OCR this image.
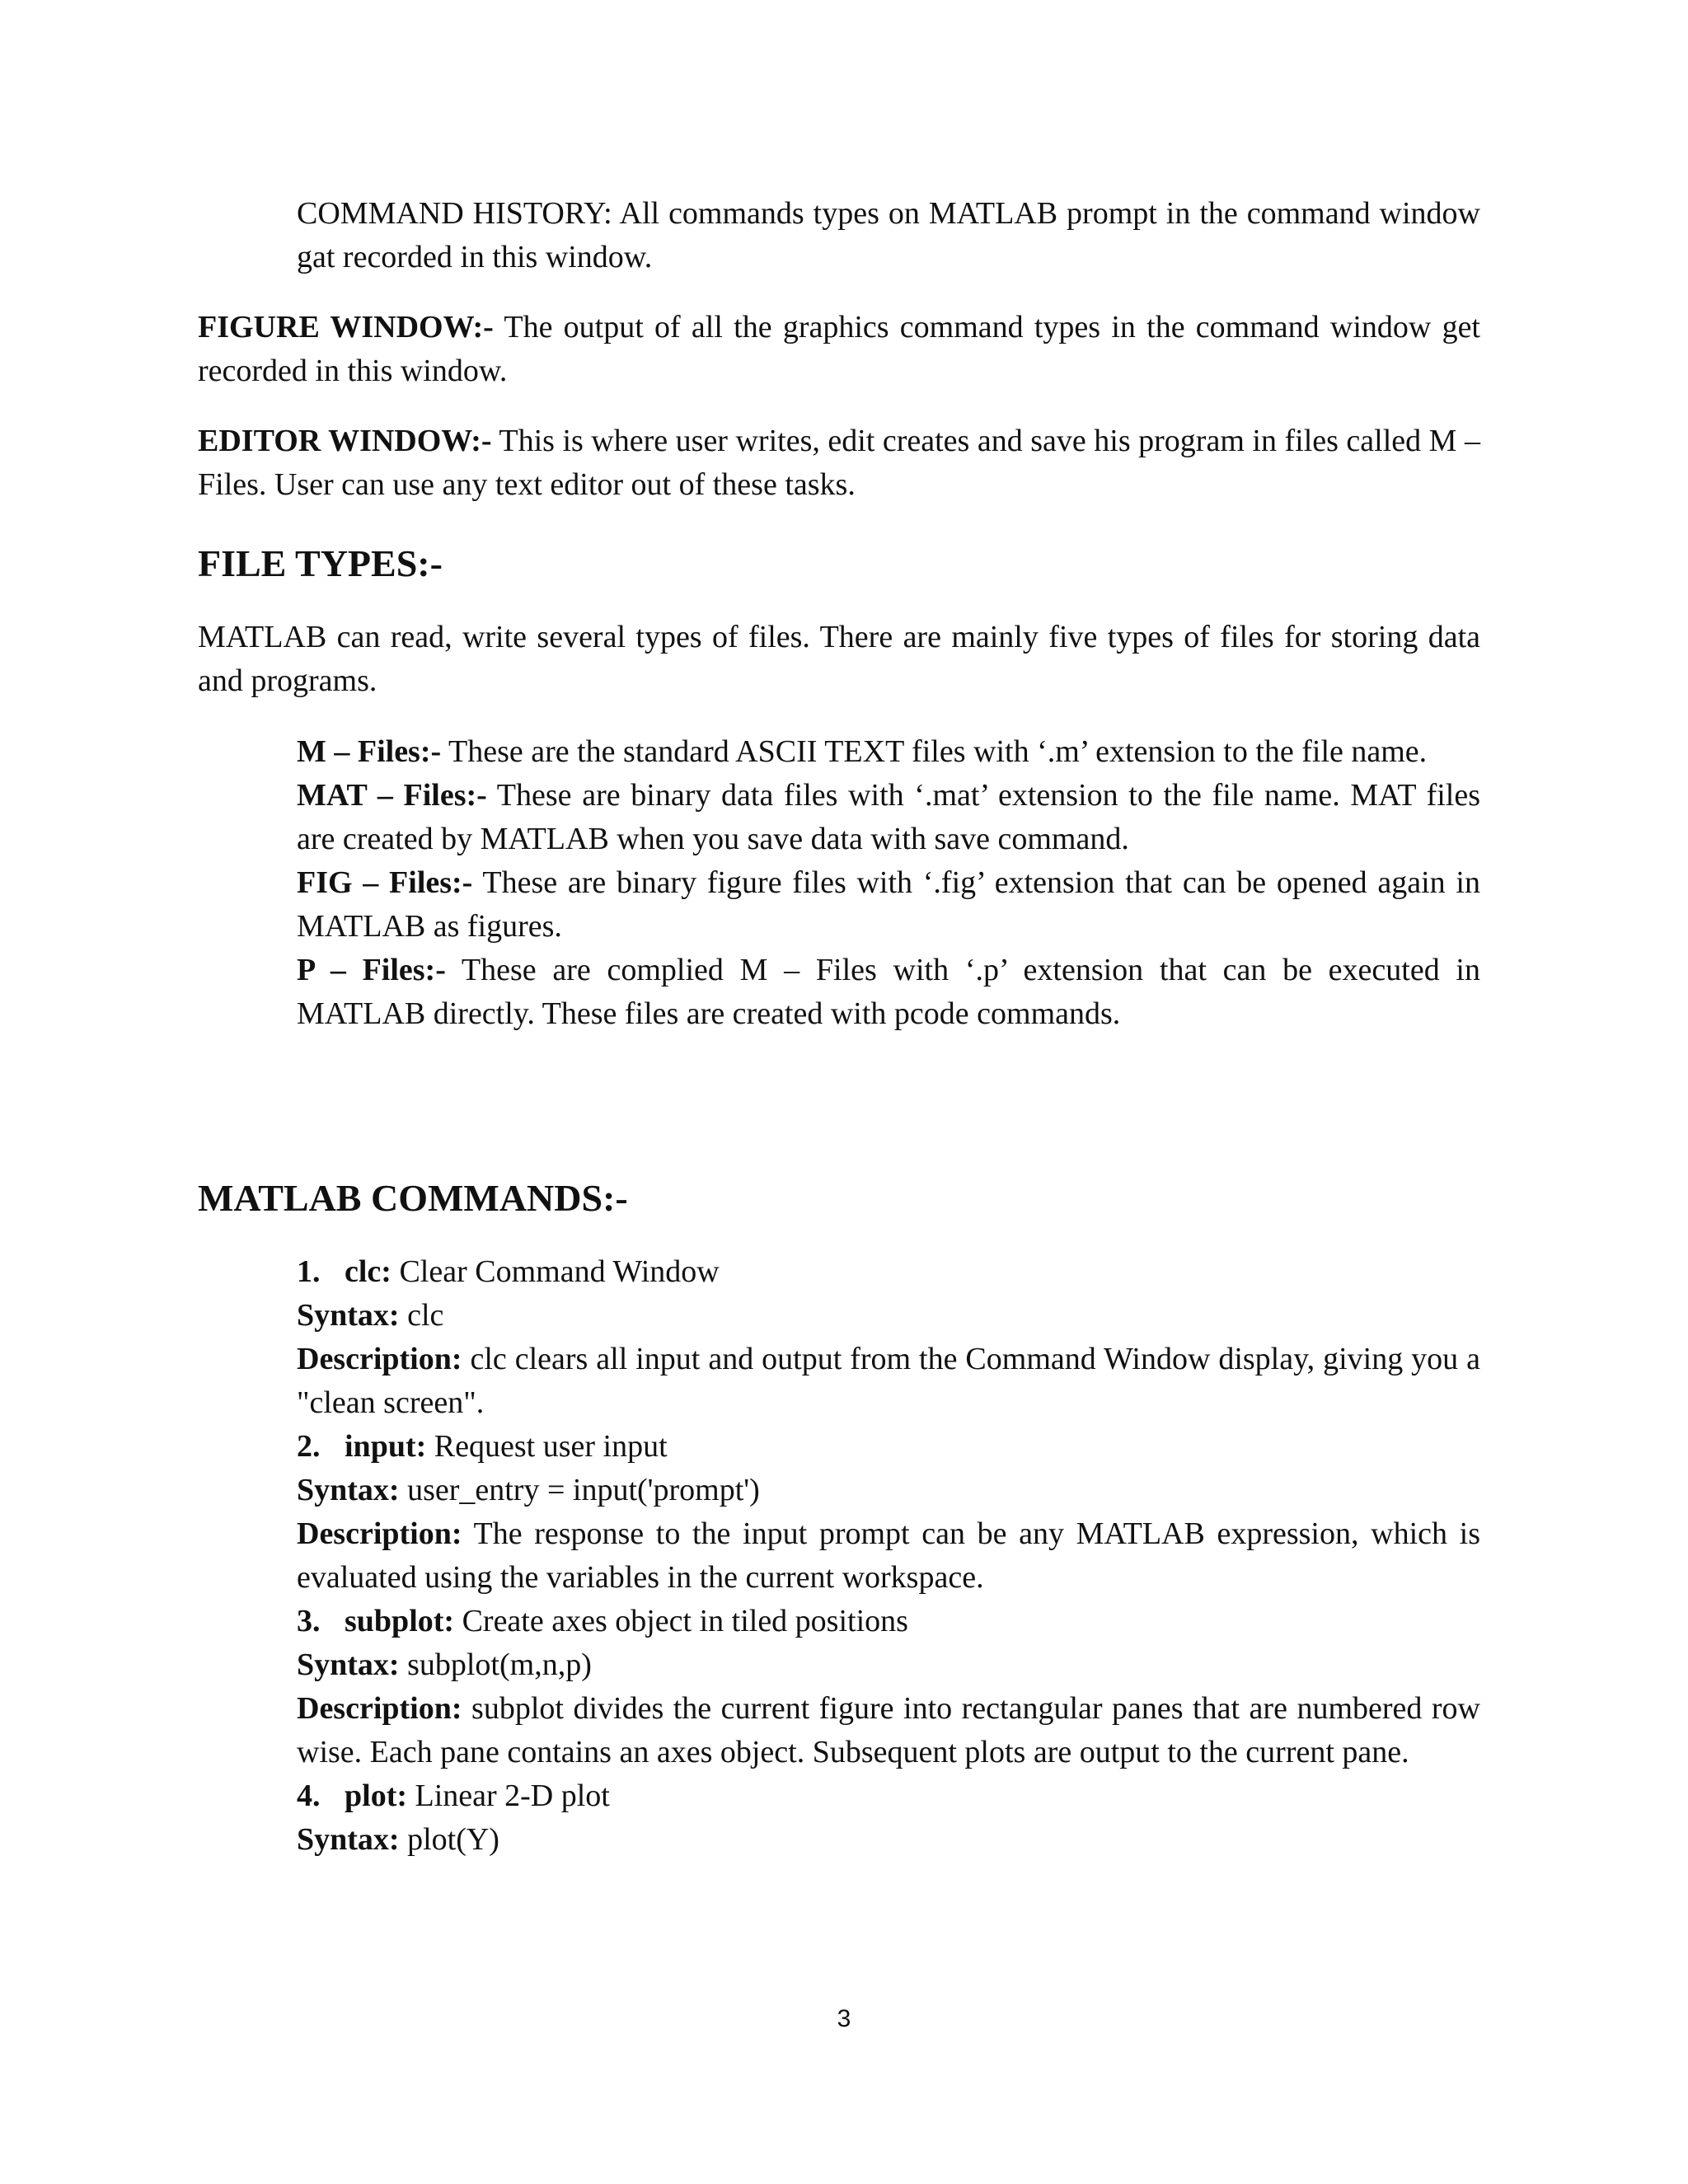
COMMAND HISTORY: All commands types on MATLAB prompt in the command window gat recorded in this window.

FIGURE WINDOW:- The output of all the graphics command types in the command window get recorded in this window.

EDITOR WINDOW:- This is where user writes, edit creates and save his program in files called M – Files. User can use any text editor out of these tasks.

FILE TYPES:-

MATLAB can read, write several types of files. There are mainly five types of files for storing data and programs.

M – Files:- These are the standard ASCII TEXT files with ‘.m’ extension to the file name.
MAT – Files:- These are binary data files with ‘.mat’ extension to the file name. MAT files are created by MATLAB when you save data with save command.
FIG – Files:- These are binary figure files with ‘.fig’ extension that can be opened again in MATLAB as figures.
P – Files:- These are complied M – Files with ‘.p’ extension that can be executed in MATLAB directly. These files are created with pcode commands.
MATLAB COMMANDS:-
1. clc: Clear Command Window
Syntax: clc
Description: clc clears all input and output from the Command Window display, giving you a "clean screen".
2. input: Request user input
Syntax: user_entry = input('prompt')
Description: The response to the input prompt can be any MATLAB expression, which is evaluated using the variables in the current workspace.
3. subplot: Create axes object in tiled positions
Syntax: subplot(m,n,p)
Description: subplot divides the current figure into rectangular panes that are numbered row wise. Each pane contains an axes object. Subsequent plots are output to the current pane.
4. plot: Linear 2-D plot
Syntax: plot(Y)
3
